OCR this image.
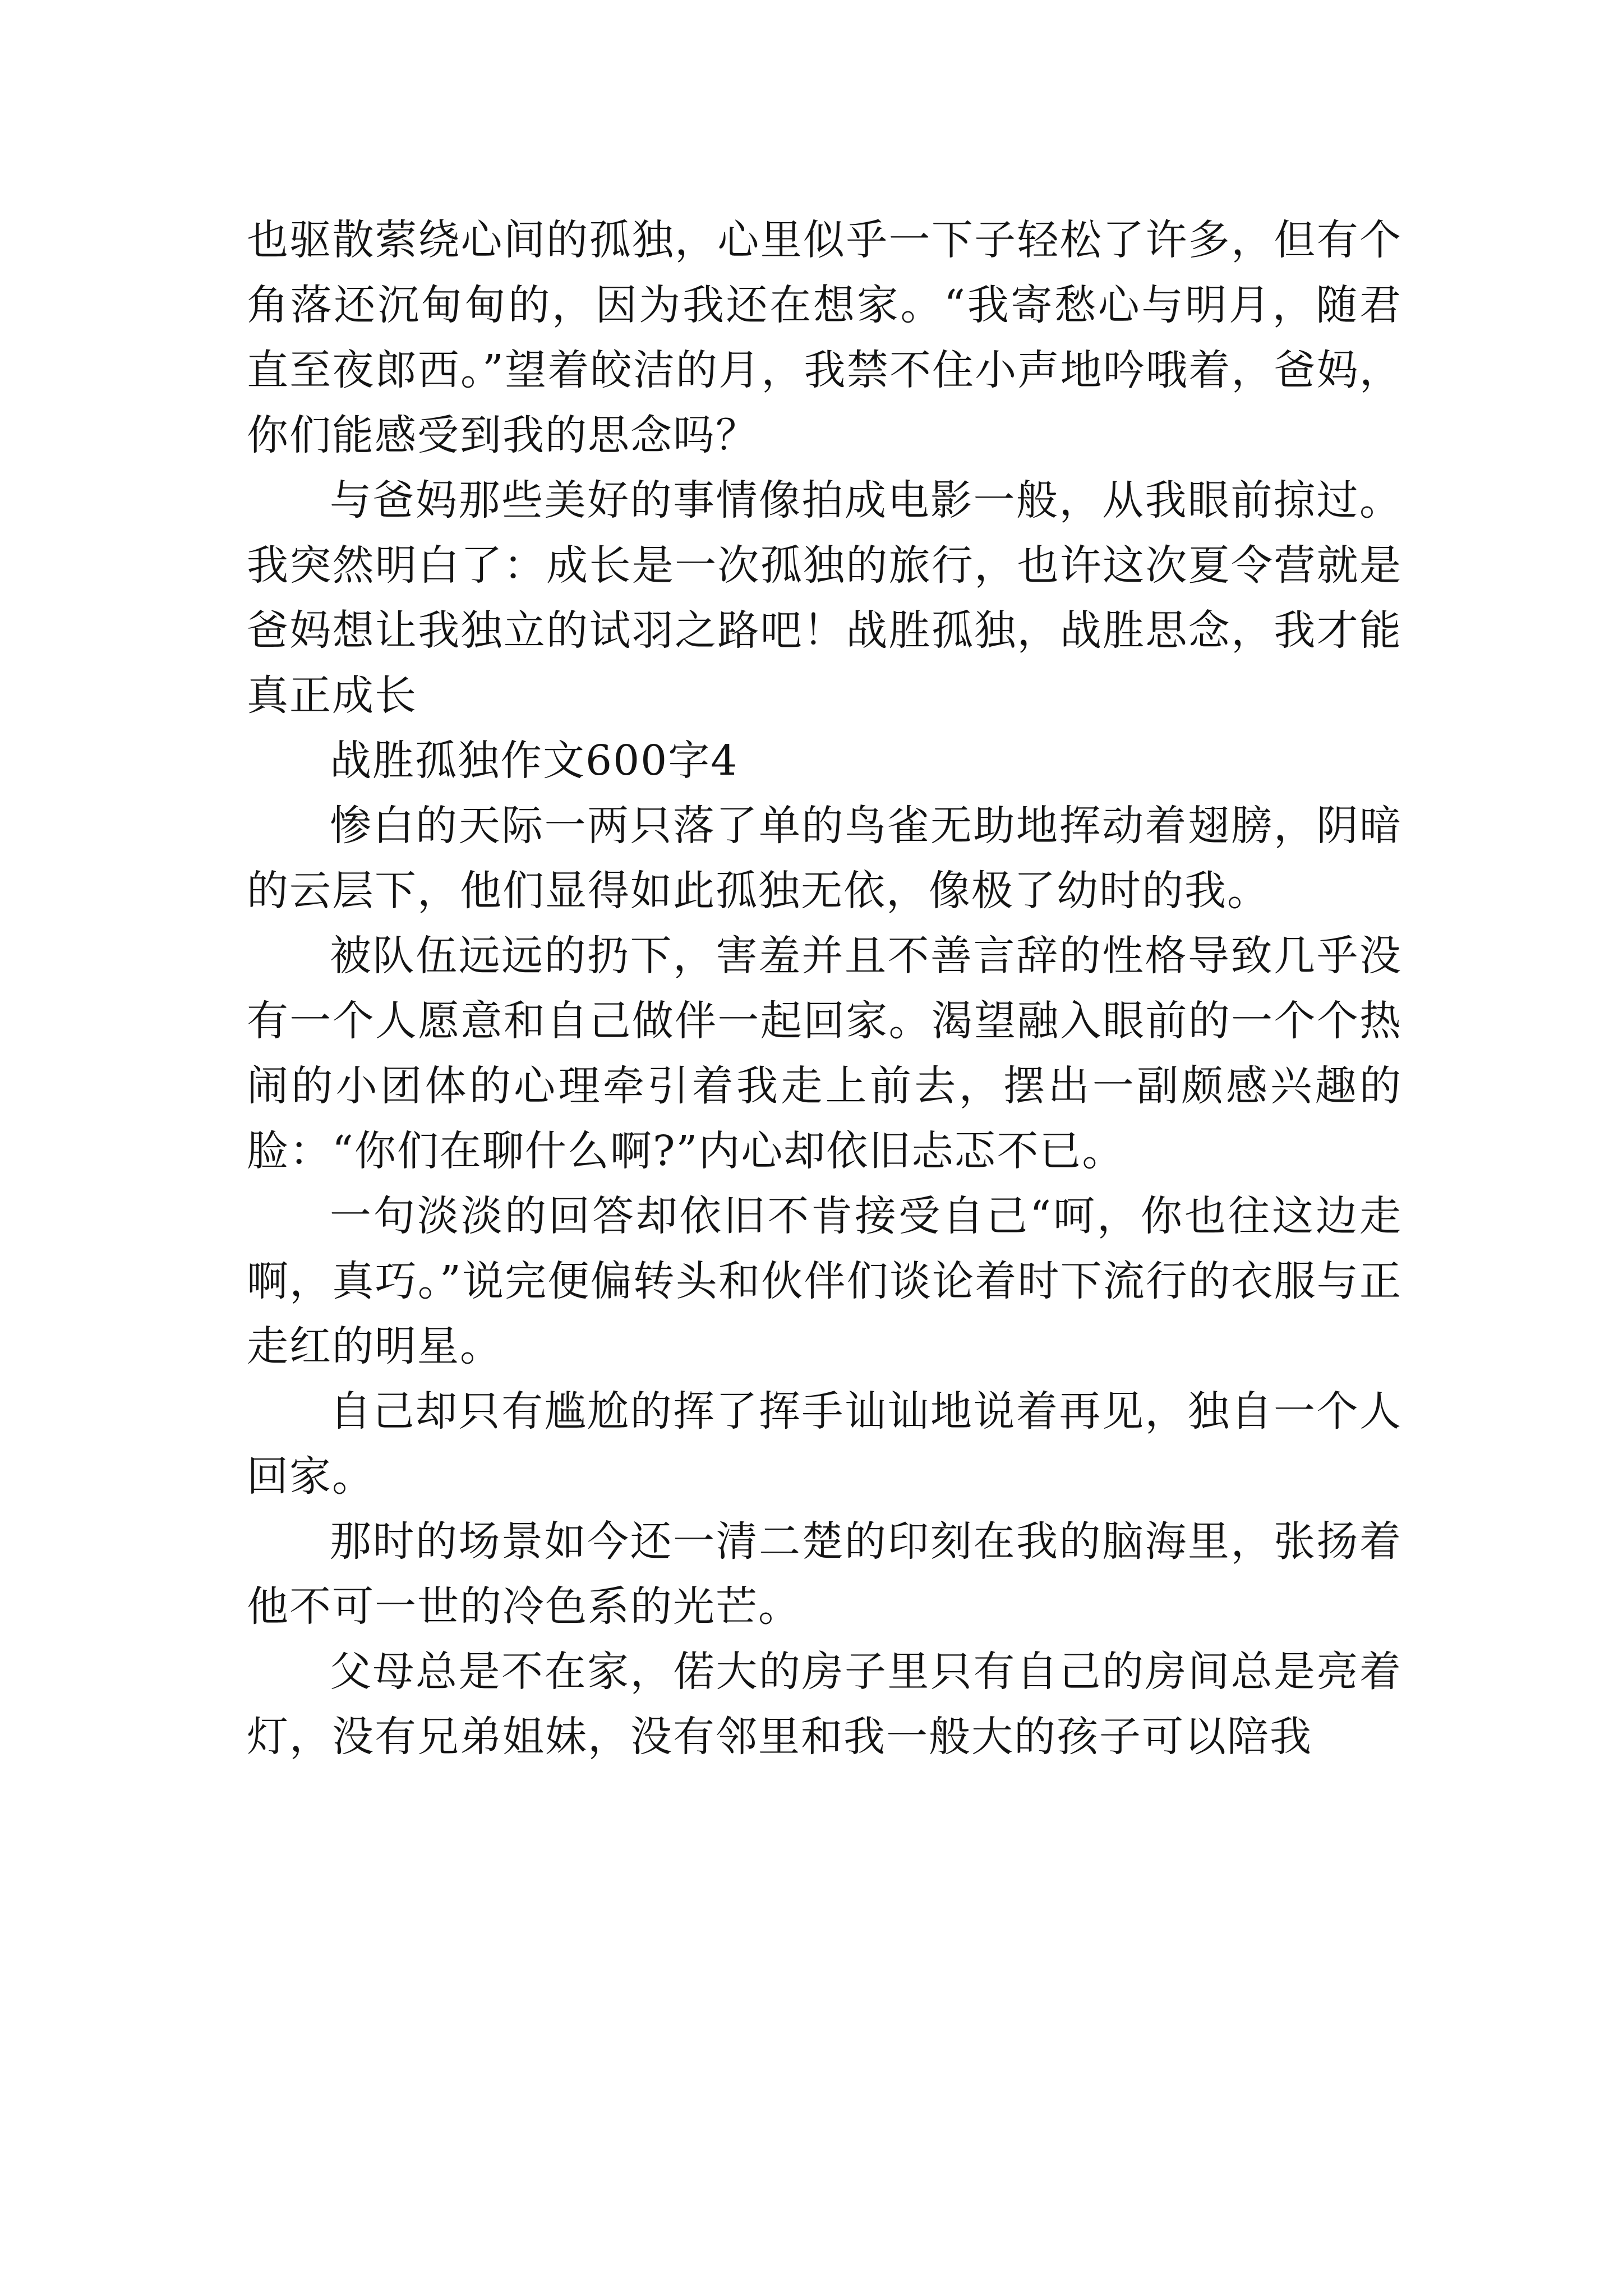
也驱散萦绕心间的孤独，心里似乎一下子轻松了许多，但有个角落还沉甸甸的，因为我还在想家。“我寄愁心与明月，随君直至夜郎西。”望着皎洁的月，我禁不住小声地吟哦着，爸妈，你们能感受到我的思念吗？

与爸妈那些美好的事情像拍成电影一般，从我眼前掠过。我突然明白了：成长是一次孤独的旅行，也许这次夏令营就是爸妈想让我独立的试羽之路吧！战胜孤独，战胜思念，我才能真正成长

战胜孤独作文600字4

惨白的天际一两只落了单的鸟雀无助地挥动着翅膀，阴暗的云层下，他们显得如此孤独无依，像极了幼时的我。

被队伍远远的扔下，害羞并且不善言辞的性格导致几乎没有一个人愿意和自己做伴一起回家。渴望融入眼前的一个个热闹的小团体的心理牵引着我走上前去，摆出一副颇感兴趣的脸：“你们在聊什么啊?”内心却依旧忐忑不已。

一句淡淡的回答却依旧不肯接受自己“呵，你也往这边走啊，真巧。”说完便偏转头和伙伴们谈论着时下流行的衣服与正走红的明星。

自己却只有尴尬的挥了挥手讪讪地说着再见，独自一个人回家。

那时的场景如今还一清二楚的印刻在我的脑海里，张扬着他不可一世的冷色系的光芒。

父母总是不在家，偌大的房子里只有自己的房间总是亮着灯，没有兄弟姐妹，没有邻里和我一般大的孩子可以陪我
